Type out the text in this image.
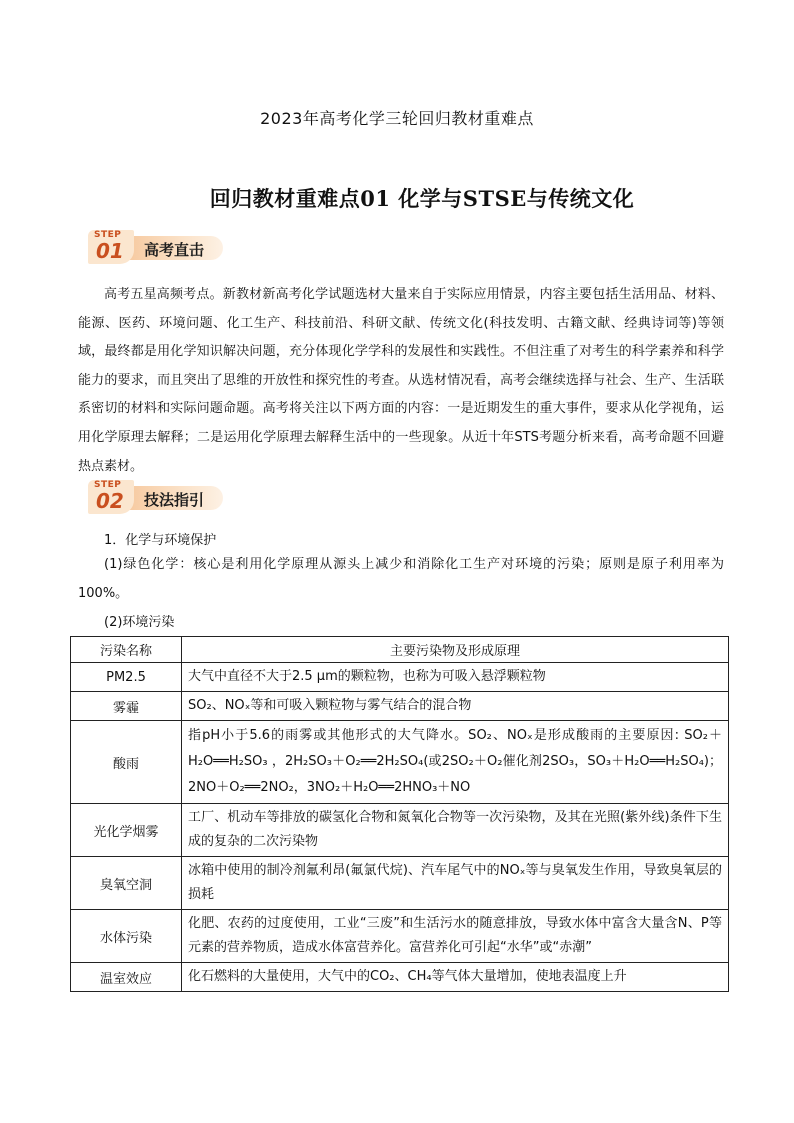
2023年高考化学三轮回归教材重难点
回归教材重难点01 化学与STSE与传统文化
高考直击
STEP
01
高考五星高频考点。新教材新高考化学试题选材大量来自于实际应用情景，内容主要包括生活用品、材料、能源、医药、环境问题、化工生产、科技前沿、科研文献、传统文化(科技发明、古籍文献、经典诗词等)等领域，最终都是用化学知识解决问题，充分体现化学学科的发展性和实践性。不但注重了对考生的科学素养和科学能力的要求，而且突出了思维的开放性和探究性的考查。从选材情况看，高考会继续选择与社会、生产、生活联系密切的材料和实际问题命题。高考将关注以下两方面的内容：一是近期发生的重大事件，要求从化学视角，运用化学原理去解释；二是运用化学原理去解释生活中的一些现象。从近十年STS考题分析来看，高考命题不回避热点素材。
技法指引
STEP
02
1．化学与环境保护
(1)绿色化学：核心是利用化学原理从源头上减少和消除化工生产对环境的污染；原则是原子利用率为100%。
(2)环境污染
污染名称	主要污染物及形成原理
PM2.5	大气中直径不大于2.5 μm的颗粒物，也称为可吸入悬浮颗粒物
雾霾	SO₂、NOₓ等和可吸入颗粒物与雾气结合的混合物
酸雨	指pH小于5.6的雨雾或其他形式的大气降水。SO₂、NOₓ是形成酸雨的主要原因: SO₂＋H₂O══H₂SO₃ ，2H₂SO₃＋O₂══2H₂SO₄(或2SO₂＋O₂催化剂2SO₃，SO₃＋H₂O══H₂SO₄)；2NO＋O₂══2NO₂，3NO₂＋H₂O══2HNO₃＋NO
光化学烟雾	工厂、机动车等排放的碳氢化合物和氮氧化合物等一次污染物，及其在光照(紫外线)条件下生成的复杂的二次污染物
臭氧空洞	冰箱中使用的制冷剂氟利昂(氟氯代烷)、汽车尾气中的NOₓ等与臭氧发生作用，导致臭氧层的损耗
水体污染	化肥、农药的过度使用，工业“三废”和生活污水的随意排放，导致水体中富含大量含N、P等元素的营养物质，造成水体富营养化。富营养化可引起“水华”或“赤潮”
温室效应	化石燃料的大量使用，大气中的CO₂、CH₄等气体大量增加，使地表温度上升
